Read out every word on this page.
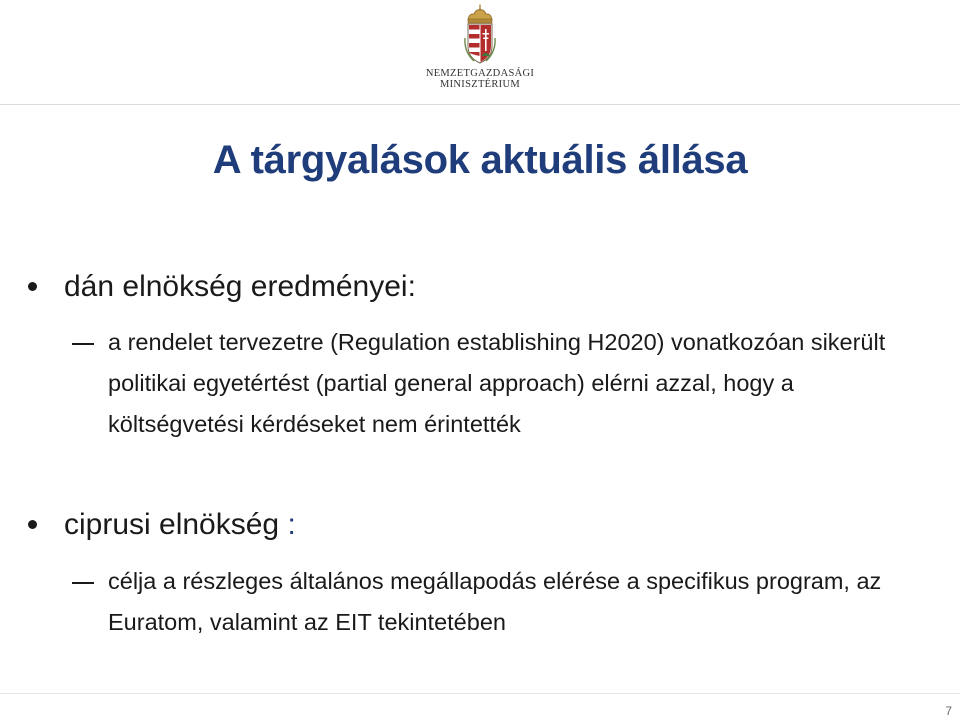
NEMZETGAZDASÁGI
MINISZTÉRIUM
A tárgyalások aktuális állása
dán elnökség eredményei:
a rendelet tervezetre (Regulation establishing H2020) vonatkozóan sikerült politikai egyetértést (partial general approach) elérni azzal, hogy a költségvetési kérdéseket nem érintették
ciprusi elnökség :
célja a részleges általános megállapodás elérése a specifikus program, az Euratom, valamint az EIT tekintetében
7
